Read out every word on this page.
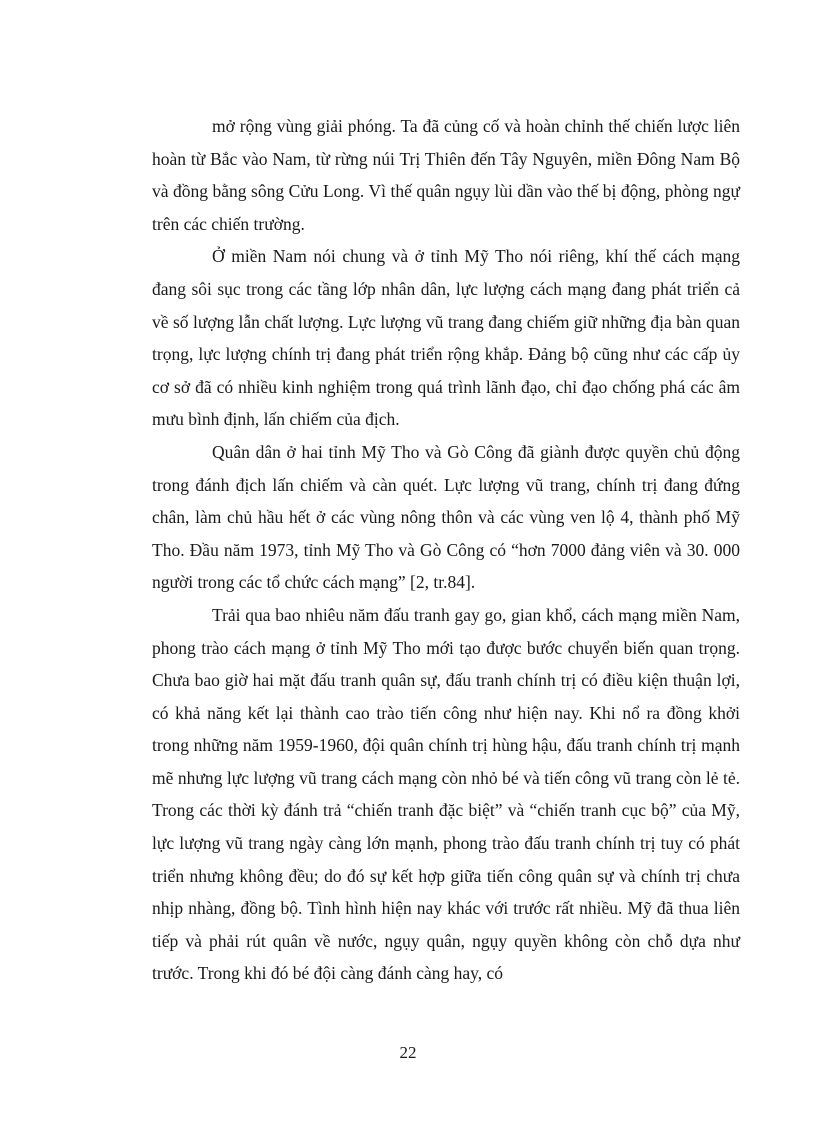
mở rộng vùng giải phóng. Ta đã củng cố và hoàn chỉnh thế chiến lược liên hoàn từ Bắc vào Nam, từ rừng núi Trị Thiên đến Tây Nguyên, miền Đông Nam Bộ và đồng bằng sông Cửu Long. Vì thế quân ngụy lùi dần vào thế bị động, phòng ngự trên các chiến trường.

Ở miền Nam nói chung và ở tỉnh Mỹ Tho nói riêng, khí thế cách mạng đang sôi sục trong các tầng lớp nhân dân, lực lượng cách mạng đang phát triển cả về số lượng lẫn chất lượng. Lực lượng vũ trang đang chiếm giữ những địa bàn quan trọng, lực lượng chính trị đang phát triển rộng khắp. Đảng bộ cũng như các cấp ủy cơ sở đã có nhiều kinh nghiệm trong quá trình lãnh đạo, chỉ đạo chống phá các âm mưu bình định, lấn chiếm của địch.

Quân dân ở hai tỉnh Mỹ Tho và Gò Công đã giành được quyền chủ động trong đánh địch lấn chiếm và càn quét. Lực lượng vũ trang, chính trị đang đứng chân, làm chủ hầu hết ở các vùng nông thôn và các vùng ven lộ 4, thành phố Mỹ Tho. Đầu năm 1973, tỉnh Mỹ Tho và Gò Công có “hơn 7000 đảng viên và 30. 000 người trong các tổ chức cách mạng” [2, tr.84].

Trải qua bao nhiêu năm đấu tranh gay go, gian khổ, cách mạng miền Nam, phong trào cách mạng ở tỉnh Mỹ Tho mới tạo được bước chuyển biến quan trọng. Chưa bao giờ hai mặt đấu tranh quân sự, đấu tranh chính trị có điều kiện thuận lợi, có khả năng kết lại thành cao trào tiến công như hiện nay. Khi nổ ra đồng khởi trong những năm 1959-1960, đội quân chính trị hùng hậu, đấu tranh chính trị mạnh mẽ nhưng lực lượng vũ trang cách mạng còn nhỏ bé và tiến công vũ trang còn lẻ tẻ. Trong các thời kỳ đánh trả “chiến tranh đặc biệt” và “chiến tranh cục bộ” của Mỹ, lực lượng vũ trang ngày càng lớn mạnh, phong trào đấu tranh chính trị tuy có phát triển nhưng không đều; do đó sự kết hợp giữa tiến công quân sự và chính trị chưa nhịp nhàng, đồng bộ. Tình hình hiện nay khác với trước rất nhiều. Mỹ đã thua liên tiếp và phải rút quân về nước, ngụy quân, ngụy quyền không còn chỗ dựa như trước. Trong khi đó bé đội càng đánh càng hay, có

22
